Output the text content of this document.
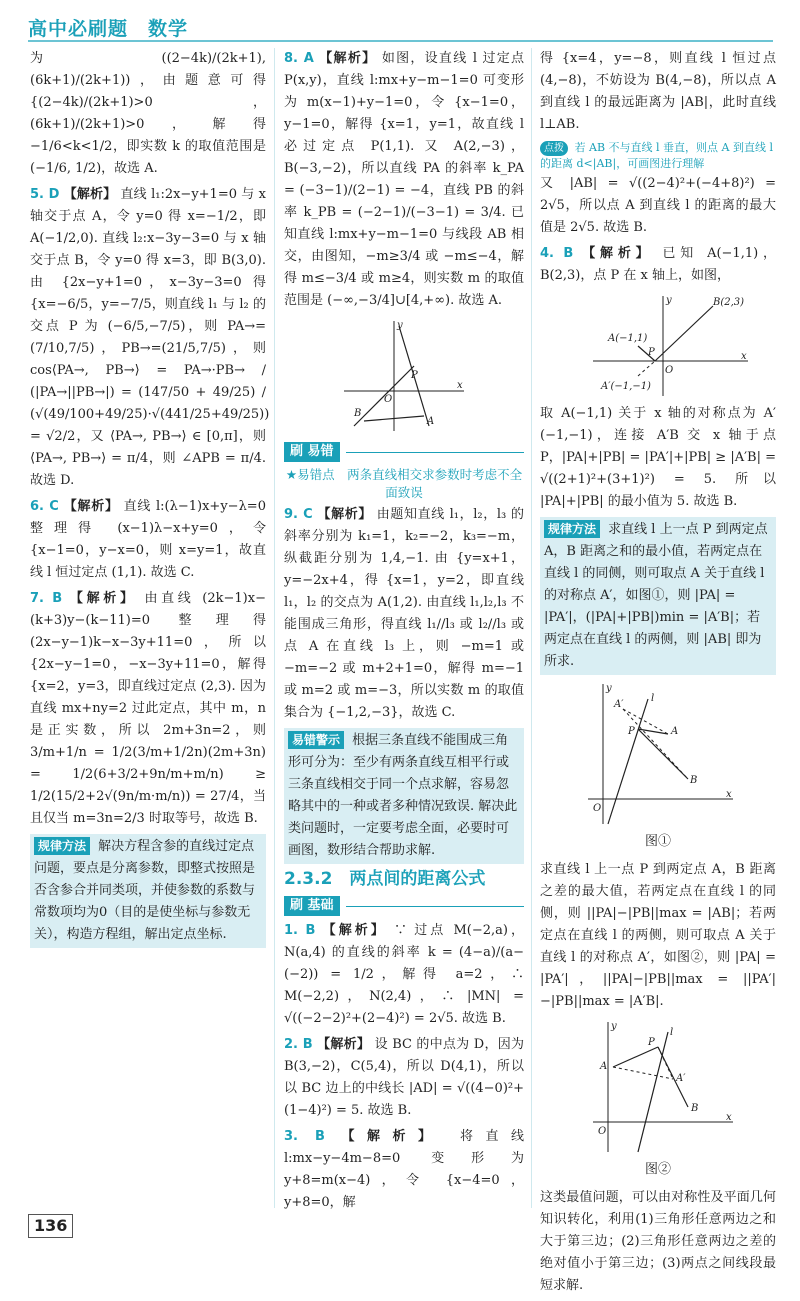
高中必刷题　数学

为 ((2−4k)/(2k+1), (6k+1)/(2k+1))，由题意可得 {(2−4k)/(2k+1)>0，(6k+1)/(2k+1)>0，解得 −1/6<k<1/2，即实数 k 的取值范围是 (−1/6, 1/2)，故选 A.

5. D 【解析】 直线 l₁:2x−y+1=0 与 x 轴交于点 A，令 y=0 得 x=−1/2，即 A(−1/2,0). 直线 l₂:x−3y−3=0 与 x 轴交于点 B，令 y=0 得 x=3，即 B(3,0). 由 {2x−y+1=0，x−3y−3=0 得 {x=−6/5，y=−7/5，则直线 l₁ 与 l₂ 的交点 P 为 (−6/5,−7/5)，则 PA→=(7/10,7/5)，PB→=(21/5,7/5)，则 cos⟨PA→, PB→⟩ = PA→·PB→ / (|PA→||PB→|) = (147/50 + 49/25) / (√(49/100+49/25)·√(441/25+49/25)) = √2/2，又 ⟨PA→, PB→⟩ ∈ [0,π]，则 ⟨PA→, PB→⟩ = π/4，则 ∠APB = π/4. 故选 D.

6. C 【解析】 直线 l:(λ−1)x+y−λ=0 整理得 (x−1)λ−x+y=0，令 {x−1=0，y−x=0，则 x=y=1，故直线 l 恒过定点 (1,1). 故选 C.

7. B 【解析】 由直线 (2k−1)x−(k+3)y−(k−11)=0 整理得 (2x−y−1)k−x−3y+11=0，所以 {2x−y−1=0，−x−3y+11=0，解得 {x=2，y=3，即直线过定点 (2,3). 因为直线 mx+ny=2 过此定点，其中 m，n 是正实数，所以 2m+3n=2，则 3/m+1/n = 1/2(3/m+1/2n)(2m+3n) = 1/2(6+3/2+9n/m+m/n) ≥ 1/2(15/2+2√(9n/m·m/n)) = 27/4，当且仅当 m=3n=2/3 时取等号，故选 B.

规律方法 解决方程含参的直线过定点问题，要点是分离参数，即整式按照是否含参合并同类项，并使参数的系数与常数项均为0（目的是使坐标与参数无关），构造方程组，解出定点坐标.

8. A 【解析】 如图，设直线 l 过定点 P(x,y)，直线 l:mx+y−m−1=0 可变形为 m(x−1)+y−1=0，令 {x−1=0，y−1=0，解得 {x=1，y=1，故直线 l 必过定点 P(1,1). 又 A(2,−3)，B(−3,−2)，所以直线 PA 的斜率 k_PA = (−3−1)/(2−1) = −4，直线 PB 的斜率 k_PB = (−2−1)/(−3−1) = 3/4. 已知直线 l:mx+y−m−1=0 与线段 AB 相交，由图知，−m≥3/4 或 −m≤−4，解得 m≤−3/4 或 m≥4，则实数 m 的取值范围是 (−∞,−3/4]∪[4,+∞). 故选 A.

y
x
O
P
A
B
刷 易错
★易错点　两条直线相交求参数时考虑不全面致误

9. C 【解析】 由题知直线 l₁，l₂，l₃ 的斜率分别为 k₁=1，k₂=−2，k₃=−m，纵截距分别为 1,4,−1. 由 {y=x+1，y=−2x+4，得 {x=1，y=2，即直线 l₁，l₂ 的交点为 A(1,2). 由直线 l₁,l₂,l₃ 不能围成三角形，得直线 l₁//l₃ 或 l₂//l₃ 或点 A 在直线 l₃ 上，则 −m=1 或 −m=−2 或 m+2+1=0，解得 m=−1 或 m=2 或 m=−3，所以实数 m 的取值集合为 {−1,2,−3}，故选 C.

易错警示 根据三条直线不能围成三角形可分为：至少有两条直线互相平行或三条直线相交于同一个点求解，容易忽略其中的一种或者多种情况致误. 解决此类问题时，一定要考虑全面，必要时可画图，数形结合帮助求解.
2.3.2　两点间的距离公式
刷 基础

1. B 【解析】 ∵ 过点 M(−2,a)，N(a,4) 的直线的斜率 k = (4−a)/(a−(−2)) = 1/2，解得 a=2，∴ M(−2,2)，N(2,4)，∴ |MN| = √((−2−2)²+(2−4)²) = 2√5. 故选 B.

2. B 【解析】 设 BC 的中点为 D，因为 B(3,−2)，C(5,4)，所以 D(4,1)，所以以 BC 边上的中线长 |AD| = √((4−0)²+(1−4)²) = 5. 故选 B.

3. B 【解析】 将直线 l:mx−y−4m−8=0 变形为 y+8=m(x−4)，令 {x−4=0，y+8=0，解

得 {x=4，y=−8，则直线 l 恒过点 (4,−8)，不妨设为 B(4,−8)，所以点 A 到直线 l 的最远距离为 |AB|，此时直线 l⊥AB.

点拨 若 AB 不与直线 l 垂直，则点 A 到直线 l 的距离 d<|AB|，可画图进行理解

又 |AB| = √((2−4)²+(−4+8)²) = 2√5，所以点 A 到直线 l 的距离的最大值是 2√5. 故选 B.

4. B 【解析】 已知 A(−1,1)，B(2,3)，点 P 在 x 轴上，如图，

y
x
O
P
A(−1,1)
B(2,3)
A′(−1,−1)

取 A(−1,1) 关于 x 轴的对称点为 A′(−1,−1)，连接 A′B 交 x 轴于点 P，|PA|+|PB| = |PA′|+|PB| ≥ |A′B| = √((2+1)²+(3+1)²) = 5. 所以 |PA|+|PB| 的最小值为 5. 故选 B.

规律方法 求直线 l 上一点 P 到两定点 A，B 距离之和的最小值，若两定点在直线 l 的同侧，则可取点 A 关于直线 l 的对称点 A′，如图①，则 |PA| = |PA′|，(|PA|+|PB|)min = |A′B|；若两定点在直线 l 的两侧，则 |AB| 即为所求.
y
x
O
P	A
A′
B
l
图①

求直线 l 上一点 P 到两定点 A，B 距离之差的最大值，若两定点在直线 l 的同侧，则 ||PA|−|PB||max = |AB|；若两定点在直线 l 的两侧，则可取点 A 关于直线 l 的对称点 A′，如图②，则 |PA| = |PA′|，||PA|−|PB||max = ||PA′|−|PB||max = |A′B|.

y
x
O
P
A
A′
B
l
图②

这类最值问题，可以由对称性及平面几何知识转化，利用(1)三角形任意两边之和大于第三边；(2)三角形任意两边之差的绝对值小于第三边；(3)两点之间线段最短求解.

136
